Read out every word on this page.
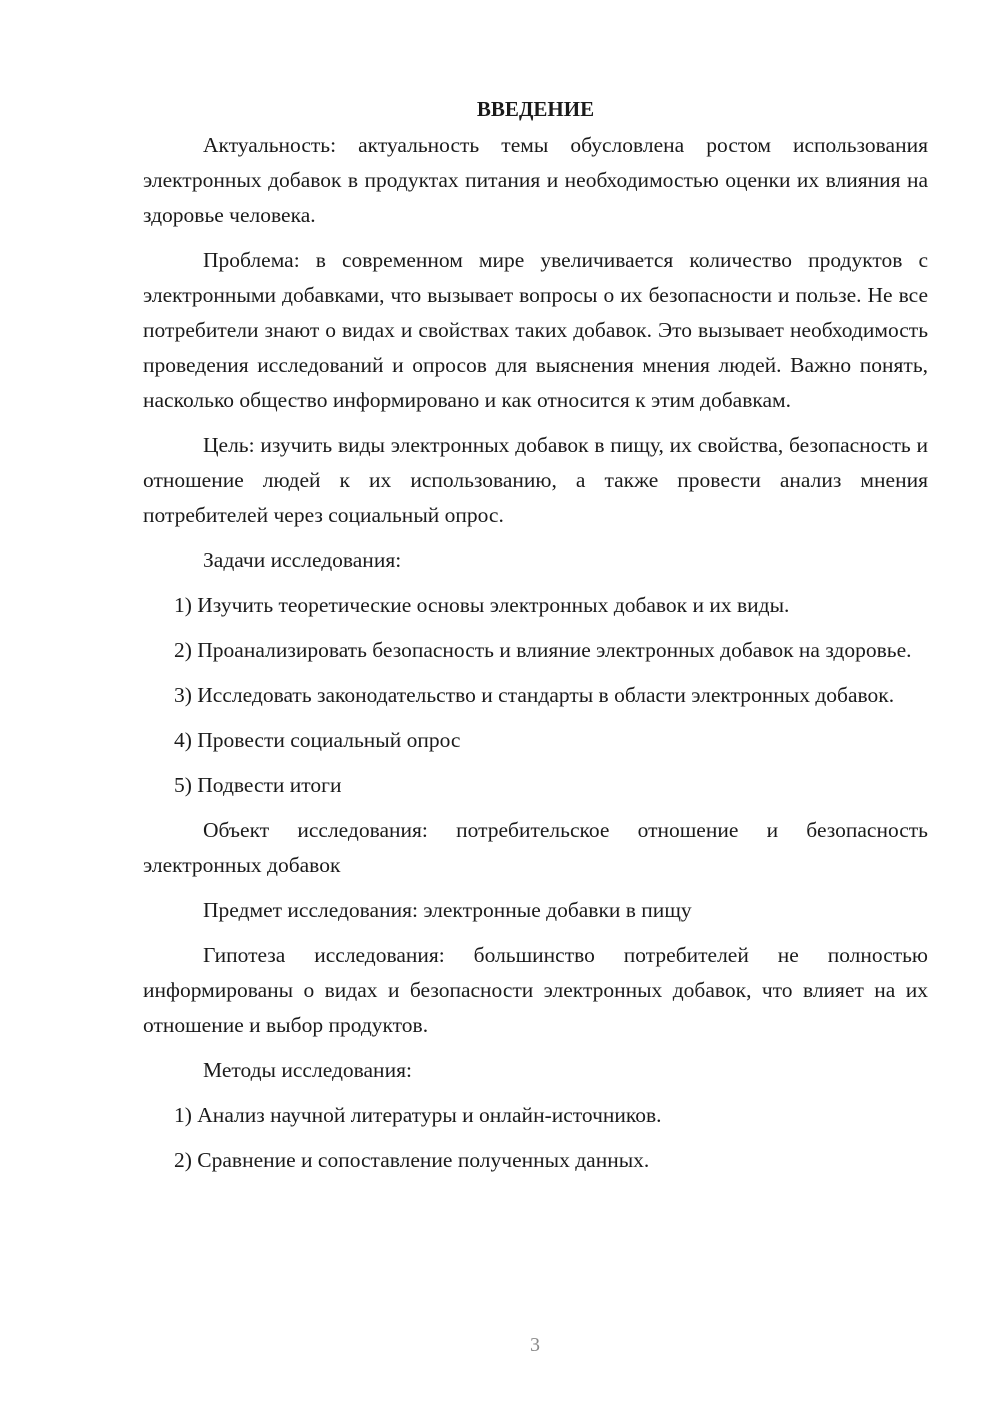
ВВЕДЕНИЕ

Актуальность: актуальность темы обусловлена ростом использования электронных добавок в продуктах питания и необходимостью оценки их влияния на здоровье человека.

Проблема: в современном мире увеличивается количество продуктов с электронными добавками, что вызывает вопросы о их безопасности и пользе. Не все потребители знают о видах и свойствах таких добавок. Это вызывает необходимость проведения исследований и опросов для выяснения мнения людей. Важно понять, насколько общество информировано и как относится к этим добавкам.

Цель: изучить виды электронных добавок в пищу, их свойства, безопасность и отношение людей к их использованию, а также провести анализ мнения потребителей через социальный опрос.

Задачи исследования:

1) Изучить теоретические основы электронных добавок и их виды.

2) Проанализировать безопасность и влияние электронных добавок на здоровье.

3) Исследовать законодательство и стандарты в области электронных добавок.

4) Провести социальный опрос

5) Подвести итоги

Объект исследования: потребительское отношение и безопасность электронных добавок

Предмет исследования: электронные добавки в пищу

Гипотеза исследования: большинство потребителей не полностью информированы о видах и безопасности электронных добавок, что влияет на их отношение и выбор продуктов.

Методы исследования:

1) Анализ научной литературы и онлайн-источников.

2) Сравнение и сопоставление полученных данных.

3
